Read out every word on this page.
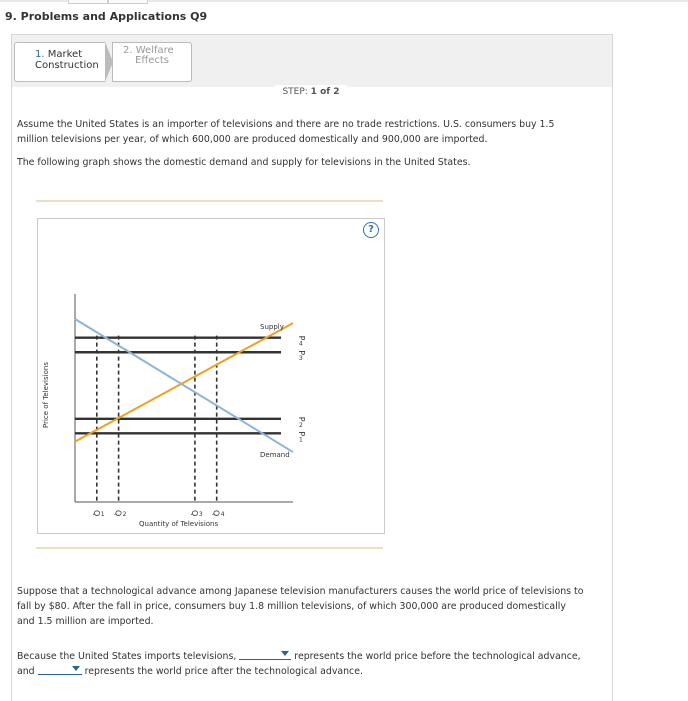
9. Problems and Applications Q9
1. Market
Construction
2. Welfare
Effects
STEP: 1 of 2
Assume the United States is an importer of televisions and there are no trade restrictions. U.S. consumers buy 1.5
million televisions per year, of which 600,000 are produced domestically and 900,000 are imported.
The following graph shows the domestic demand and supply for televisions in the United States.
?
Q 1 Q 2	Q 3 Q 4
P
4
P
3
P
2
P
1
Supply
Demand
Quantity of Televisions
Price of Televisions
Suppose that a technological advance among Japanese television manufacturers causes the world price of televisions to
fall by $80. After the fall in price, consumers buy 1.8 million televisions, of which 300,000 are produced domestically
and 1.5 million are imported.
Because the United States imports televisions,	represents the world price before the technological advance,
and	represents the world price after the technological advance.
